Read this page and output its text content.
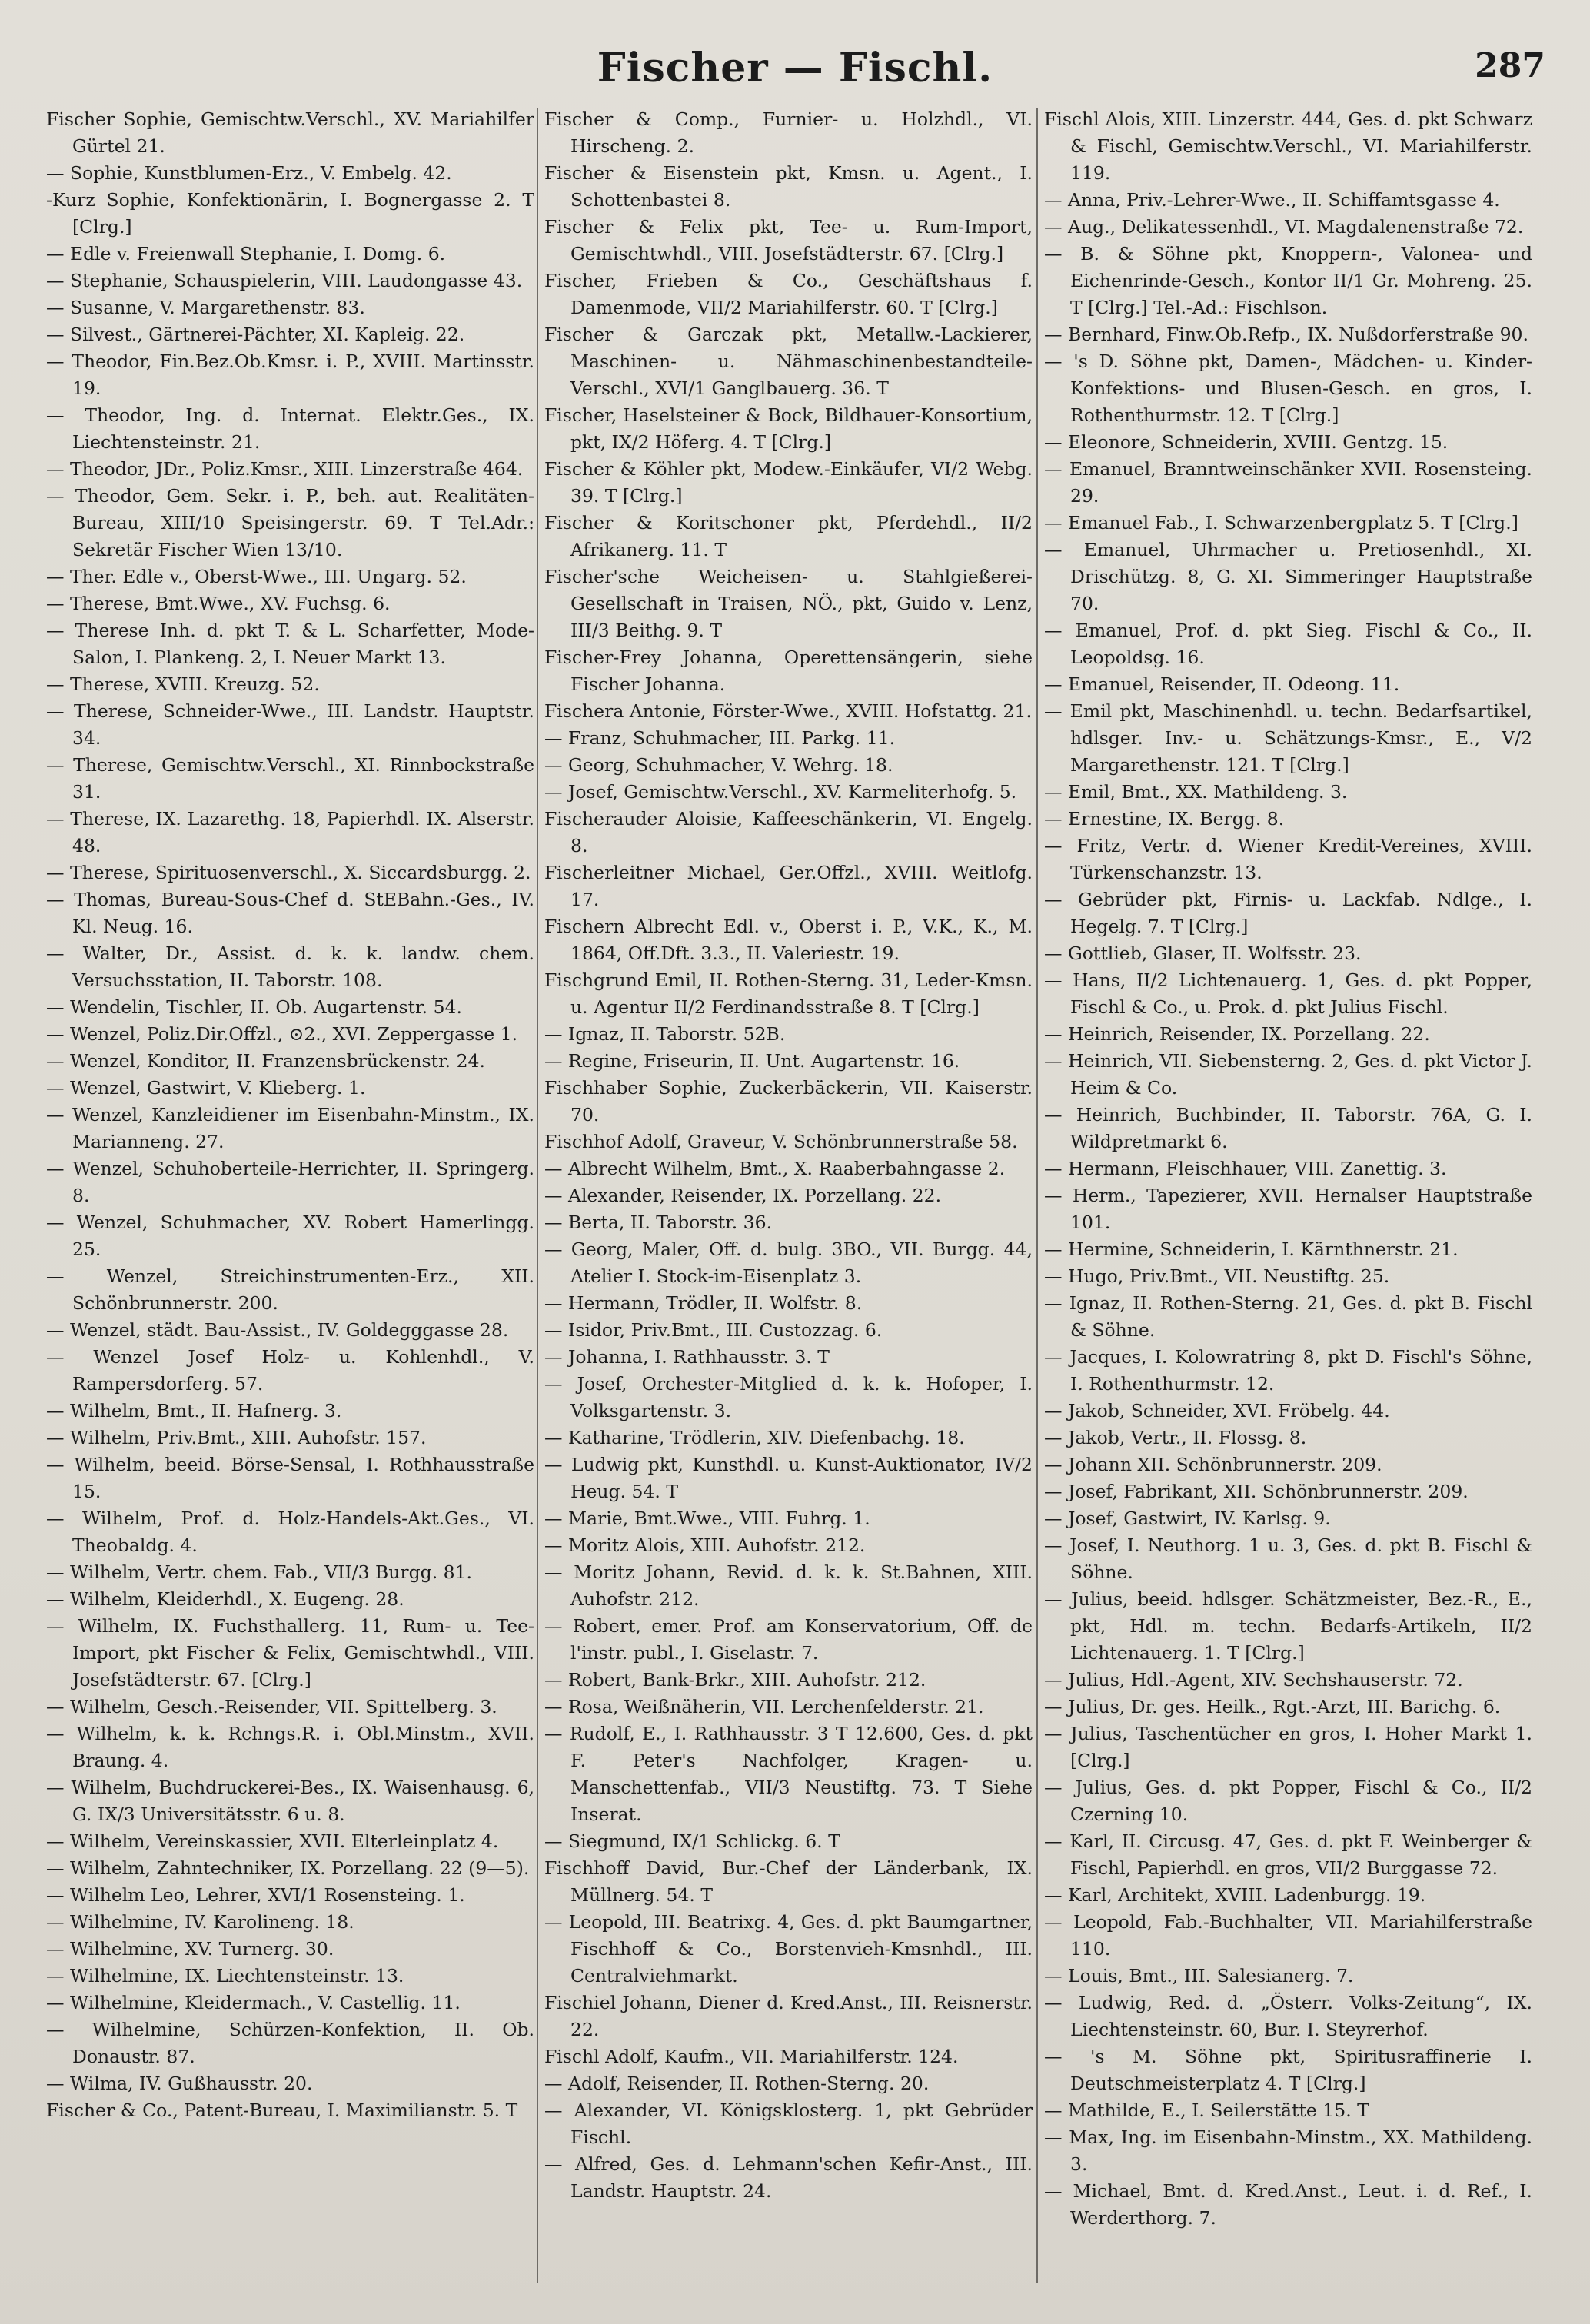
Fischer — Fischl.	287

Fischer Sophie, Gemischtw.Verschl., XV. Mariahilfer Gürtel 21.

— Sophie, Kunstblumen-Erz., V. Embelg. 42.

-Kurz Sophie, Konfektionärin, I. Bognergasse 2. T [Clrg.]

— Edle v. Freienwall Stephanie, I. Domg. 6.

— Stephanie, Schauspielerin, VIII. Laudongasse 43.

— Susanne, V. Margarethenstr. 83.

— Silvest., Gärtnerei-Pächter, XI. Kapleig. 22.

— Theodor, Fin.Bez.Ob.Kmsr. i. P., XVIII. Martinsstr. 19.

— Theodor, Ing. d. Internat. Elektr.Ges., IX. Liechtensteinstr. 21.

— Theodor, JDr., Poliz.Kmsr., XIII. Linzerstraße 464.

— Theodor, Gem. Sekr. i. P., beh. aut. Realitäten-Bureau, XIII/10 Speisingerstr. 69. T Tel.Adr.: Sekretär Fischer Wien 13/10.

— Ther. Edle v., Oberst-Wwe., III. Ungarg. 52.

— Therese, Bmt.Wwe., XV. Fuchsg. 6.

— Therese Inh. d. pkt T. & L. Scharfetter, Mode-Salon, I. Plankeng. 2, I. Neuer Markt 13.

— Therese, XVIII. Kreuzg. 52.

— Therese, Schneider-Wwe., III. Landstr. Hauptstr. 34.

— Therese, Gemischtw.Verschl., XI. Rinnbockstraße 31.

— Therese, IX. Lazarethg. 18, Papierhdl. IX. Alserstr. 48.

— Therese, Spirituosenverschl., X. Siccardsburgg. 2.

— Thomas, Bureau-Sous-Chef d. StEBahn.-Ges., IV. Kl. Neug. 16.

— Walter, Dr., Assist. d. k. k. landw. chem. Versuchsstation, II. Taborstr. 108.

— Wendelin, Tischler, II. Ob. Augartenstr. 54.

— Wenzel, Poliz.Dir.Offzl., ⊙2., XVI. Zeppergasse 1.

— Wenzel, Konditor, II. Franzensbrückenstr. 24.

— Wenzel, Gastwirt, V. Klieberg. 1.

— Wenzel, Kanzleidiener im Eisenbahn-Minstm., IX. Marianneng. 27.

— Wenzel, Schuhoberteile-Herrichter, II. Springerg. 8.

— Wenzel, Schuhmacher, XV. Robert Hamerlingg. 25.

— Wenzel, Streichinstrumenten-Erz., XII. Schönbrunnerstr. 200.

— Wenzel, städt. Bau-Assist., IV. Goldegggasse 28.

— Wenzel Josef Holz- u. Kohlenhdl., V. Rampersdorferg. 57.

— Wilhelm, Bmt., II. Hafnerg. 3.

— Wilhelm, Priv.Bmt., XIII. Auhofstr. 157.

— Wilhelm, beeid. Börse-Sensal, I. Rothhausstraße 15.

— Wilhelm, Prof. d. Holz-Handels-Akt.Ges., VI. Theobaldg. 4.

— Wilhelm, Vertr. chem. Fab., VII/3 Burgg. 81.

— Wilhelm, Kleiderhdl., X. Eugeng. 28.

— Wilhelm, IX. Fuchsthallerg. 11, Rum- u. Tee-Import, pkt Fischer & Felix, Gemischtwhdl., VIII. Josefstädterstr. 67. [Clrg.]

— Wilhelm, Gesch.-Reisender, VII. Spittelberg. 3.

— Wilhelm, k. k. Rchngs.R. i. Obl.Minstm., XVII. Braung. 4.

— Wilhelm, Buchdruckerei-Bes., IX. Waisenhausg. 6, G. IX/3 Universitätsstr. 6 u. 8.

— Wilhelm, Vereinskassier, XVII. Elterleinplatz 4.

— Wilhelm, Zahntechniker, IX. Porzellang. 22 (9—5).

— Wilhelm Leo, Lehrer, XVI/1 Rosensteing. 1.

— Wilhelmine, IV. Karolineng. 18.

— Wilhelmine, XV. Turnerg. 30.

— Wilhelmine, IX. Liechtensteinstr. 13.

— Wilhelmine, Kleidermach., V. Castellig. 11.

— Wilhelmine, Schürzen-Konfektion, II. Ob. Donaustr. 87.

— Wilma, IV. Gußhausstr. 20.

Fischer & Co., Patent-Bureau, I. Maximilianstr. 5. T

Fischer & Comp., Furnier- u. Holzhdl., VI. Hirscheng. 2.

Fischer & Eisenstein pkt, Kmsn. u. Agent., I. Schottenbastei 8.

Fischer & Felix pkt, Tee- u. Rum-Import, Gemischtwhdl., VIII. Josefstädterstr. 67. [Clrg.]

Fischer, Frieben & Co., Geschäftshaus f. Damenmode, VII/2 Mariahilferstr. 60. T [Clrg.]

Fischer & Garczak pkt, Metallw.-Lackierer, Maschinen- u. Nähmaschinenbestandteile-Verschl., XVI/1 Ganglbauerg. 36. T

Fischer, Haselsteiner & Bock, Bildhauer-Konsortium, pkt, IX/2 Höferg. 4. T [Clrg.]

Fischer & Köhler pkt, Modew.-Einkäufer, VI/2 Webg. 39. T [Clrg.]

Fischer & Koritschoner pkt, Pferdehdl., II/2 Afrikanerg. 11. T

Fischer'sche Weicheisen- u. Stahlgießerei-Gesellschaft in Traisen, NÖ., pkt, Guido v. Lenz, III/3 Beithg. 9. T

Fischer-Frey Johanna, Operettensängerin, siehe Fischer Johanna.

Fischera Antonie, Förster-Wwe., XVIII. Hofstattg. 21.

— Franz, Schuhmacher, III. Parkg. 11.

— Georg, Schuhmacher, V. Wehrg. 18.

— Josef, Gemischtw.Verschl., XV. Karmeliterhofg. 5.

Fischerauder Aloisie, Kaffeeschänkerin, VI. Engelg. 8.

Fischerleitner Michael, Ger.Offzl., XVIII. Weitlofg. 17.

Fischern Albrecht Edl. v., Oberst i. P., V.K., K., M. 1864, Off.Dft. 3.3., II. Valeriestr. 19.

Fischgrund Emil, II. Rothen-Sterng. 31, Leder-Kmsn. u. Agentur II/2 Ferdinandsstraße 8. T [Clrg.]

— Ignaz, II. Taborstr. 52B.

— Regine, Friseurin, II. Unt. Augartenstr. 16.

Fischhaber Sophie, Zuckerbäckerin, VII. Kaiserstr. 70.

Fischhof Adolf, Graveur, V. Schönbrunnerstraße 58.

— Albrecht Wilhelm, Bmt., X. Raaberbahngasse 2.

— Alexander, Reisender, IX. Porzellang. 22.

— Berta, II. Taborstr. 36.

— Georg, Maler, Off. d. bulg. 3BO., VII. Burgg. 44, Atelier I. Stock-im-Eisenplatz 3.

— Hermann, Trödler, II. Wolfstr. 8.

— Isidor, Priv.Bmt., III. Custozzag. 6.

— Johanna, I. Rathhausstr. 3. T

— Josef, Orchester-Mitglied d. k. k. Hofoper, I. Volksgartenstr. 3.

— Katharine, Trödlerin, XIV. Diefenbachg. 18.

— Ludwig pkt, Kunsthdl. u. Kunst-Auktionator, IV/2 Heug. 54. T

— Marie, Bmt.Wwe., VIII. Fuhrg. 1.

— Moritz Alois, XIII. Auhofstr. 212.

— Moritz Johann, Revid. d. k. k. St.Bahnen, XIII. Auhofstr. 212.

— Robert, emer. Prof. am Konservatorium, Off. de l'instr. publ., I. Giselastr. 7.

— Robert, Bank-Brkr., XIII. Auhofstr. 212.

— Rosa, Weißnäherin, VII. Lerchenfelderstr. 21.

— Rudolf, E., I. Rathhausstr. 3 T 12.600, Ges. d. pkt F. Peter's Nachfolger, Kragen- u. Manschettenfab., VII/3 Neustiftg. 73. T Siehe Inserat.

— Siegmund, IX/1 Schlickg. 6. T

Fischhoff David, Bur.-Chef der Länderbank, IX. Müllnerg. 54. T

— Leopold, III. Beatrixg. 4, Ges. d. pkt Baumgartner, Fischhoff & Co., Borstenvieh-Kmsnhdl., III. Centralviehmarkt.

Fischiel Johann, Diener d. Kred.Anst., III. Reisnerstr. 22.

Fischl Adolf, Kaufm., VII. Mariahilferstr. 124.

— Adolf, Reisender, II. Rothen-Sterng. 20.

— Alexander, VI. Königsklosterg. 1, pkt Gebrüder Fischl.

— Alfred, Ges. d. Lehmann'schen Kefir-Anst., III. Landstr. Hauptstr. 24.

Fischl Alois, XIII. Linzerstr. 444, Ges. d. pkt Schwarz & Fischl, Gemischtw.Verschl., VI. Mariahilferstr. 119.

— Anna, Priv.-Lehrer-Wwe., II. Schiffamtsgasse 4.

— Aug., Delikatessenhdl., VI. Magdalenenstraße 72.

— B. & Söhne pkt, Knoppern-, Valonea- und Eichenrinde-Gesch., Kontor II/1 Gr. Mohreng. 25. T [Clrg.] Tel.-Ad.: Fischlson.

— Bernhard, Finw.Ob.Refp., IX. Nußdorferstraße 90.

— 's D. Söhne pkt, Damen-, Mädchen- u. Kinder-Konfektions- und Blusen-Gesch. en gros, I. Rothenthurmstr. 12. T [Clrg.]

— Eleonore, Schneiderin, XVIII. Gentzg. 15.

— Emanuel, Branntweinschänker XVII. Rosensteing. 29.

— Emanuel Fab., I. Schwarzenbergplatz 5. T [Clrg.]

— Emanuel, Uhrmacher u. Pretiosenhdl., XI. Drischützg. 8, G. XI. Simmeringer Hauptstraße 70.

— Emanuel, Prof. d. pkt Sieg. Fischl & Co., II. Leopoldsg. 16.

— Emanuel, Reisender, II. Odeong. 11.

— Emil pkt, Maschinenhdl. u. techn. Bedarfsartikel, hdlsger. Inv.- u. Schätzungs-Kmsr., E., V/2 Margarethenstr. 121. T [Clrg.]

— Emil, Bmt., XX. Mathildeng. 3.

— Ernestine, IX. Bergg. 8.

— Fritz, Vertr. d. Wiener Kredit-Vereines, XVIII. Türkenschanzstr. 13.

— Gebrüder pkt, Firnis- u. Lackfab. Ndlge., I. Hegelg. 7. T [Clrg.]

— Gottlieb, Glaser, II. Wolfsstr. 23.

— Hans, II/2 Lichtenauerg. 1, Ges. d. pkt Popper, Fischl & Co., u. Prok. d. pkt Julius Fischl.

— Heinrich, Reisender, IX. Porzellang. 22.

— Heinrich, VII. Siebensterng. 2, Ges. d. pkt Victor J. Heim & Co.

— Heinrich, Buchbinder, II. Taborstr. 76A, G. I. Wildpretmarkt 6.

— Hermann, Fleischhauer, VIII. Zanettig. 3.

— Herm., Tapezierer, XVII. Hernalser Hauptstraße 101.

— Hermine, Schneiderin, I. Kärnthnerstr. 21.

— Hugo, Priv.Bmt., VII. Neustiftg. 25.

— Ignaz, II. Rothen-Sterng. 21, Ges. d. pkt B. Fischl & Söhne.

— Jacques, I. Kolowratring 8, pkt D. Fischl's Söhne, I. Rothenthurmstr. 12.

— Jakob, Schneider, XVI. Fröbelg. 44.

— Jakob, Vertr., II. Flossg. 8.

— Johann XII. Schönbrunnerstr. 209.

— Josef, Fabrikant, XII. Schönbrunnerstr. 209.

— Josef, Gastwirt, IV. Karlsg. 9.

— Josef, I. Neuthorg. 1 u. 3, Ges. d. pkt B. Fischl & Söhne.

— Julius, beeid. hdlsger. Schätzmeister, Bez.-R., E., pkt, Hdl. m. techn. Bedarfs-Artikeln, II/2 Lichtenauerg. 1. T [Clrg.]

— Julius, Hdl.-Agent, XIV. Sechshauserstr. 72.

— Julius, Dr. ges. Heilk., Rgt.-Arzt, III. Barichg. 6.

— Julius, Taschentücher en gros, I. Hoher Markt 1. [Clrg.]

— Julius, Ges. d. pkt Popper, Fischl & Co., II/2 Czerning 10.

— Karl, II. Circusg. 47, Ges. d. pkt F. Weinberger & Fischl, Papierhdl. en gros, VII/2 Burggasse 72.

— Karl, Architekt, XVIII. Ladenburgg. 19.

— Leopold, Fab.-Buchhalter, VII. Mariahilferstraße 110.

— Louis, Bmt., III. Salesianerg. 7.

— Ludwig, Red. d. „Österr. Volks-Zeitung“, IX. Liechtensteinstr. 60, Bur. I. Steyrerhof.

— 's M. Söhne pkt, Spiritusraffinerie I. Deutschmeisterplatz 4. T [Clrg.]

— Mathilde, E., I. Seilerstätte 15. T

— Max, Ing. im Eisenbahn-Minstm., XX. Mathildeng. 3.

— Michael, Bmt. d. Kred.Anst., Leut. i. d. Ref., I. Werderthorg. 7.
